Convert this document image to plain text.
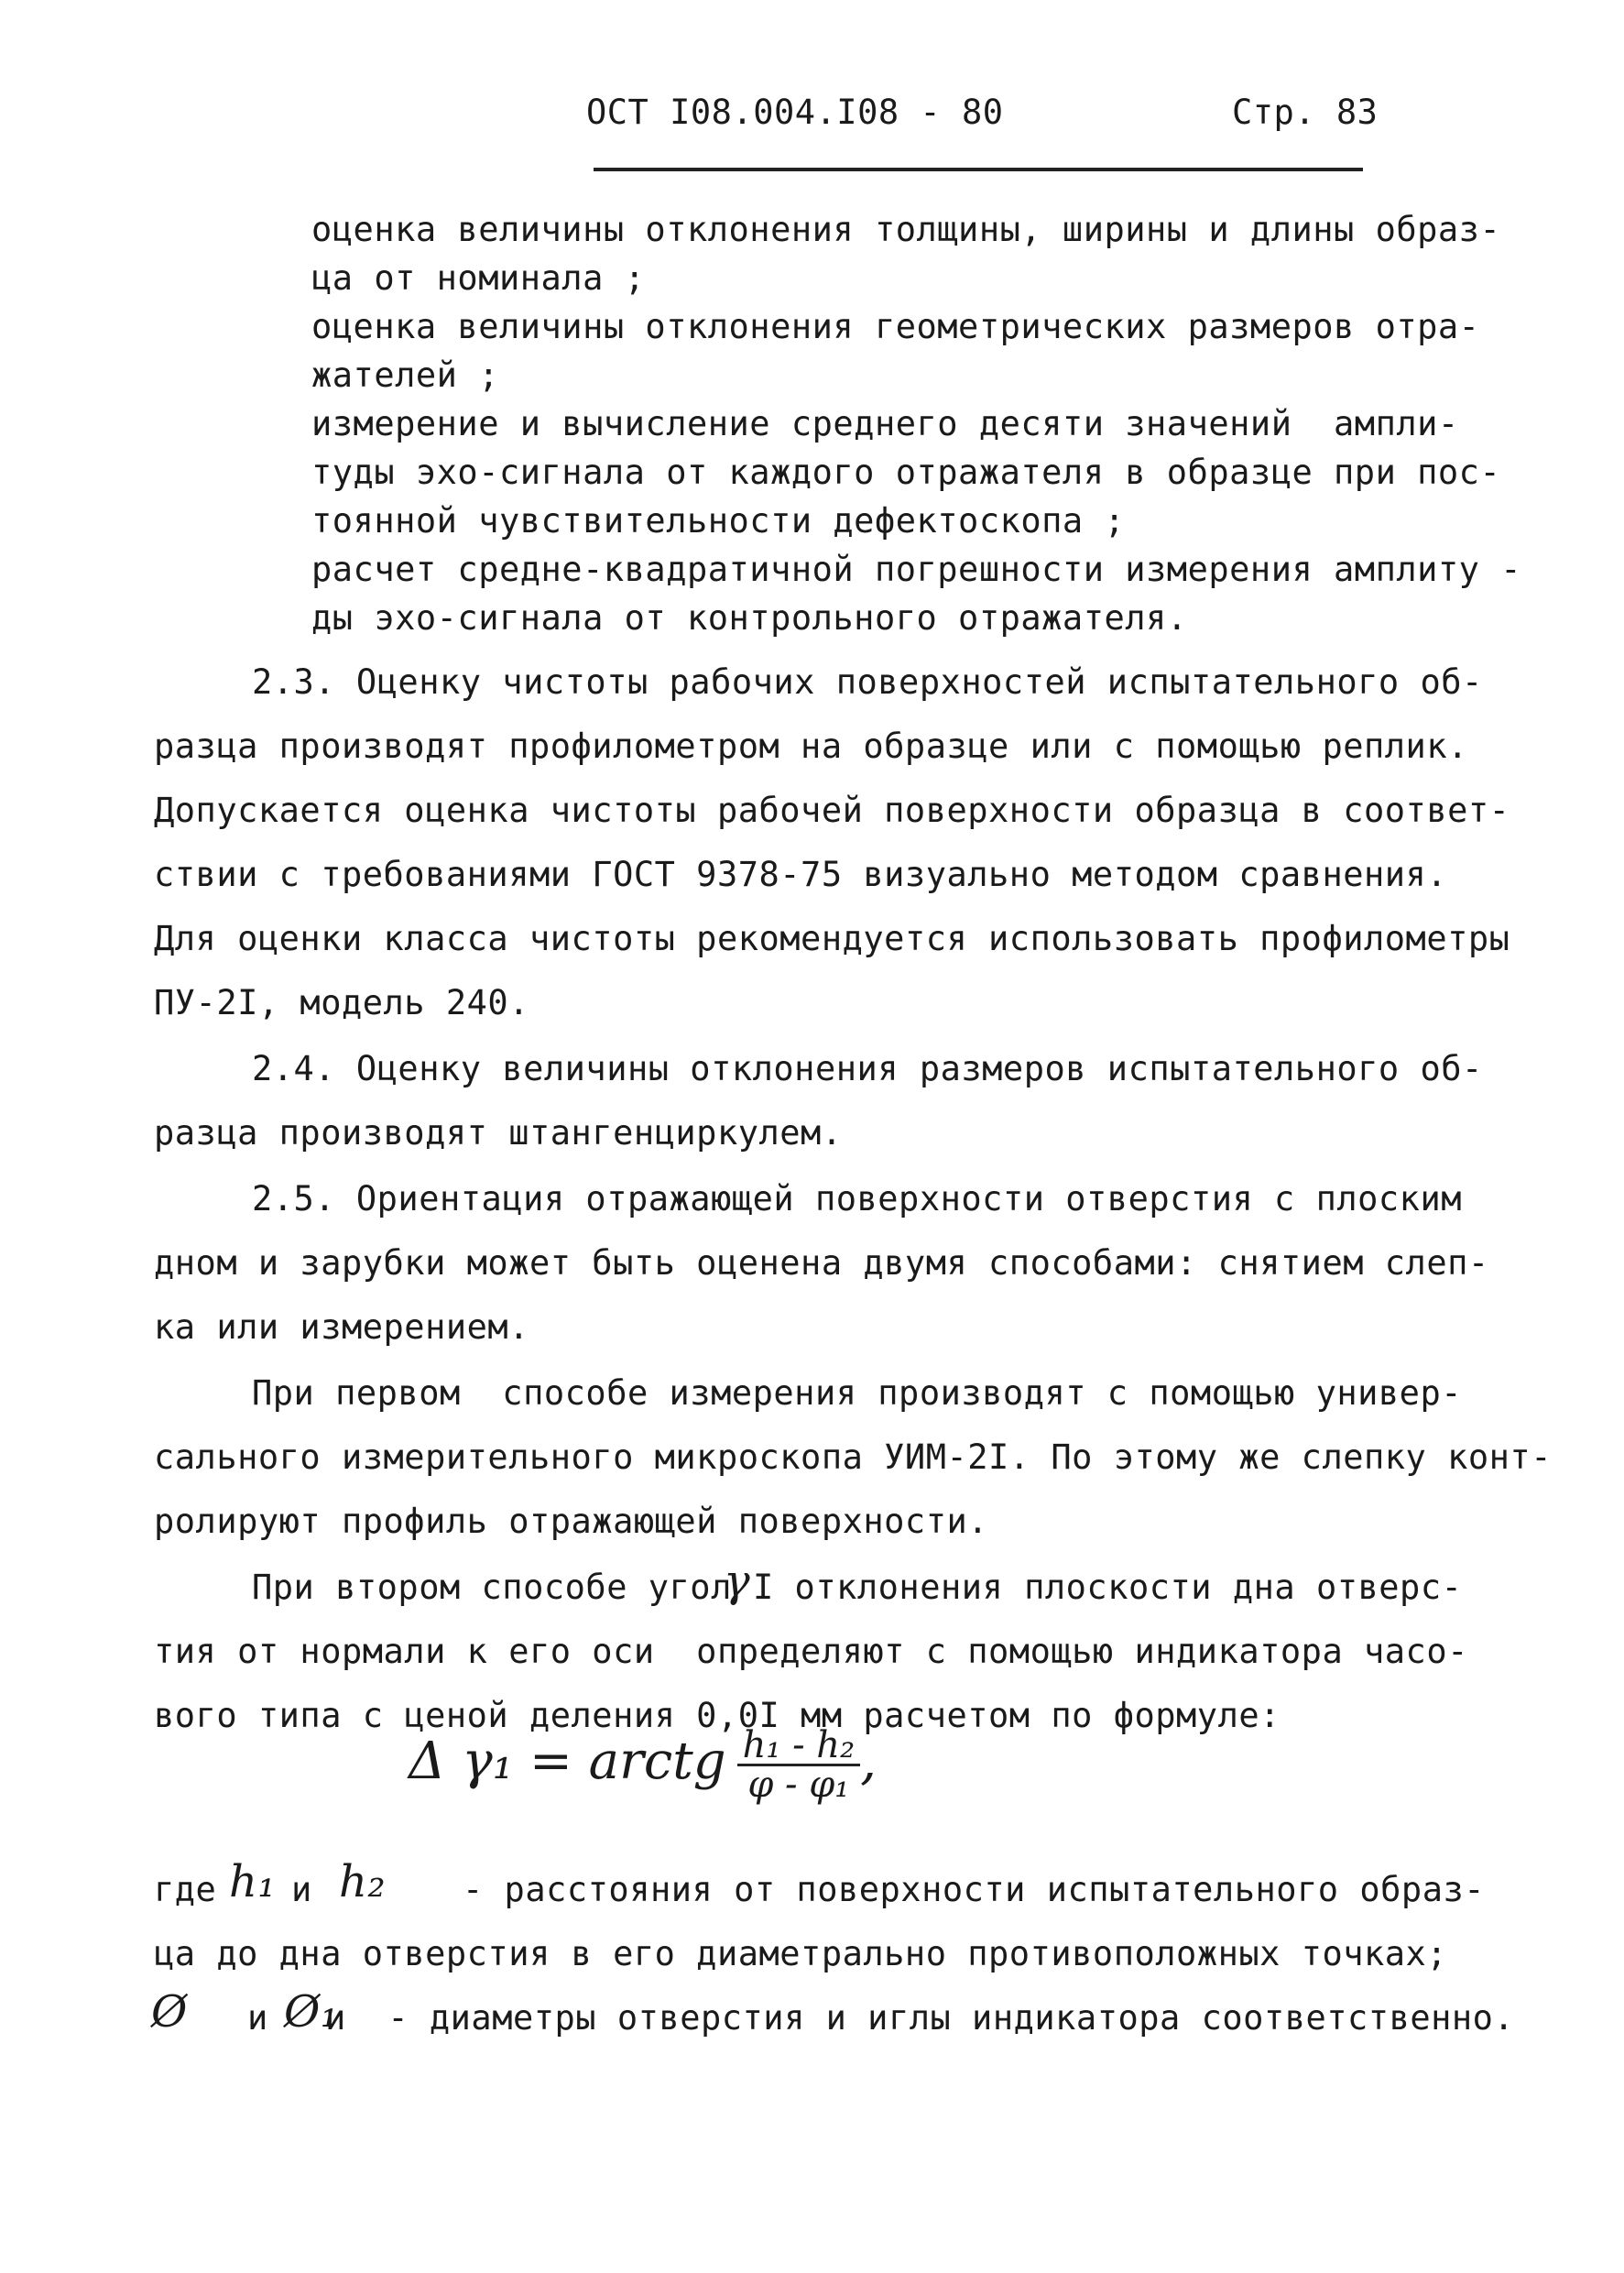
ОСТ I08.004.I08 - 80	Стр. 83
оценка величины отклонения толщины, ширины и длины образ-
ца от номинала ;
оценка величины отклонения геометрических размеров отра-
жателей ;
измерение и вычисление среднего десяти значений  ампли-
туды эхо-сигнала от каждого отражателя в образце при пос-
тоянной чувствительности дефектоскопа ;
расчет средне-квадратичной погрешности измерения амплиту -
ды эхо-сигнала от контрольного отражателя.
2.3. Оценку чистоты рабочих поверхностей испытательного об-
разца производят профилометром на образце или с помощью реплик.
Допускается оценка чистоты рабочей поверхности образца в соответ-
ствии с требованиями ГОСТ 9378-75 визуально методом сравнения.
Для оценки класса чистоты рекомендуется использовать профилометры
ПУ-2I, модель 240.
2.4. Оценку величины отклонения размеров испытательного об-
разца производят штангенциркулем.
2.5. Ориентация отражающей поверхности отверстия с плоским
дном и зарубки может быть оценена двумя способами: снятием слеп-
ка или измерением.
При первом  способе измерения производят с помощью универ-
сального измерительного микроскопа УИМ-2I. По этому же слепку конт-
ролируют профиль отражающей поверхности.
При втором способе угол
γ I отклонения плоскости дна отверс-
тия от нормали к его оси  определяют с помощью индикатора часо-
вого типа с ценой деления 0,0I мм расчетом по формуле:
Δ γ₁ = arctg $\frac{\text{h₁ - h₂}}{\text{φ - φ₁}}$ ,
где h₁ и h₂ - расстояния от поверхности испытательного образ-
ца до дна отверстия в его диаметрально противоположных точках;
Ø и Ø₁
и  - диаметры отверстия и иглы индикатора соответственно.
